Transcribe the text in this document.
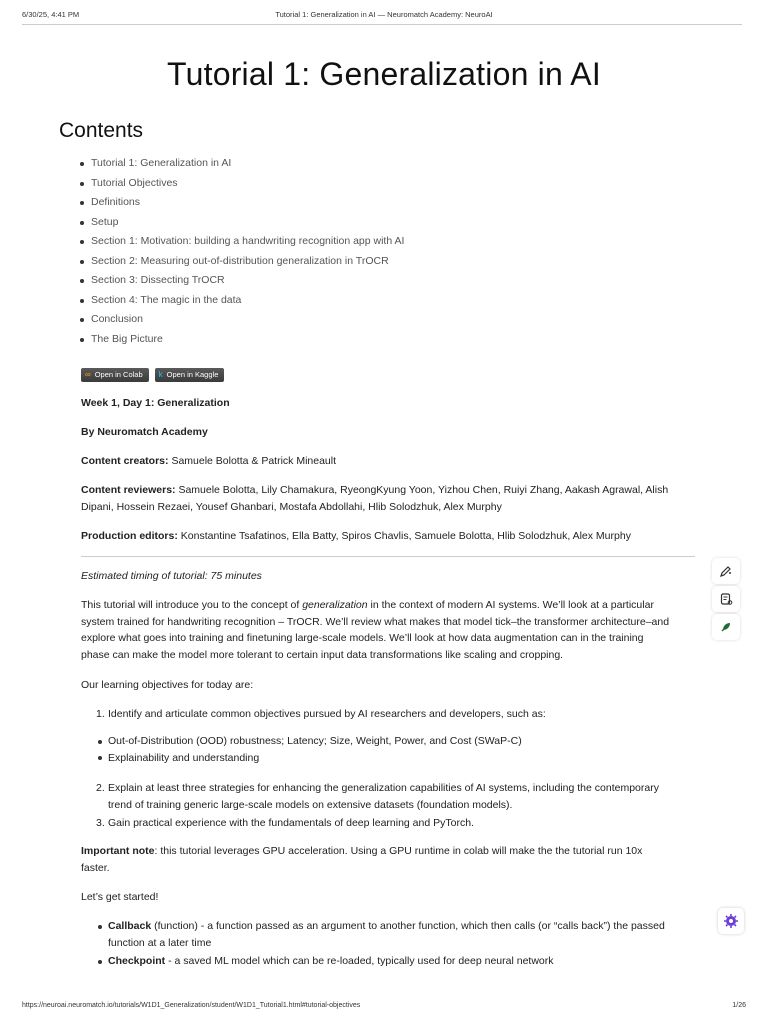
6/30/25, 4:41 PM	Tutorial 1: Generalization in AI — Neuromatch Academy: NeuroAI
Tutorial 1: Generalization in AI
Contents
Tutorial 1: Generalization in AI
Tutorial Objectives
Definitions
Setup
Section 1: Motivation: building a handwriting recognition app with AI
Section 2: Measuring out-of-distribution generalization in TrOCR
Section 3: Dissecting TrOCR
Section 4: The magic in the data
Conclusion
The Big Picture
∞ Open in Colab k Open in Kaggle

Week 1, Day 1: Generalization

By Neuromatch Academy

Content creators: Samuele Bolotta & Patrick Mineault

Content reviewers: Samuele Bolotta, Lily Chamakura, RyeongKyung Yoon, Yizhou Chen, Ruiyi Zhang, Aakash Agrawal, Alish
Dipani, Hossein Rezaei, Yousef Ghanbari, Mostafa Abdollahi, Hlib Solodzhuk, Alex Murphy

Production editors: Konstantine Tsafatinos, Ella Batty, Spiros Chavlis, Samuele Bolotta, Hlib Solodzhuk, Alex Murphy

Estimated timing of tutorial: 75 minutes

This tutorial will introduce you to the concept of generalization in the context of modern AI systems. We’ll look at a particular
system trained for handwriting recognition – TrOCR. We’ll review what makes that model tick–the transformer architecture–and
explore what goes into training and finetuning large-scale models. We’ll look at how data augmentation can in the training
phase can make the model more tolerant to certain input data transformations like scaling and cropping.

Our learning objectives for today are:

1. Identify and articulate common objectives pursued by AI researchers and developers, such as:
Out-of-Distribution (OOD) robustness; Latency; Size, Weight, Power, and Cost (SWaP-C)
Explainability and understanding
2. Explain at least three strategies for enhancing the generalization capabilities of AI systems, including the contemporary
trend of training generic large-scale models on extensive datasets (foundation models).
3. Gain practical experience with the fundamentals of deep learning and PyTorch.

Important note: this tutorial leverages GPU acceleration. Using a GPU runtime in colab will make the the tutorial run 10x
faster.

Let’s get started!

Callback (function) - a function passed as an argument to another function, which then calls (or “calls back”) the passed
function at a later time
Checkpoint - a saved ML model which can be re-loaded, typically used for deep neural network
https://neuroai.neuromatch.io/tutorials/W1D1_Generalization/student/W1D1_Tutorial1.html#tutorial-objectives	1/26
